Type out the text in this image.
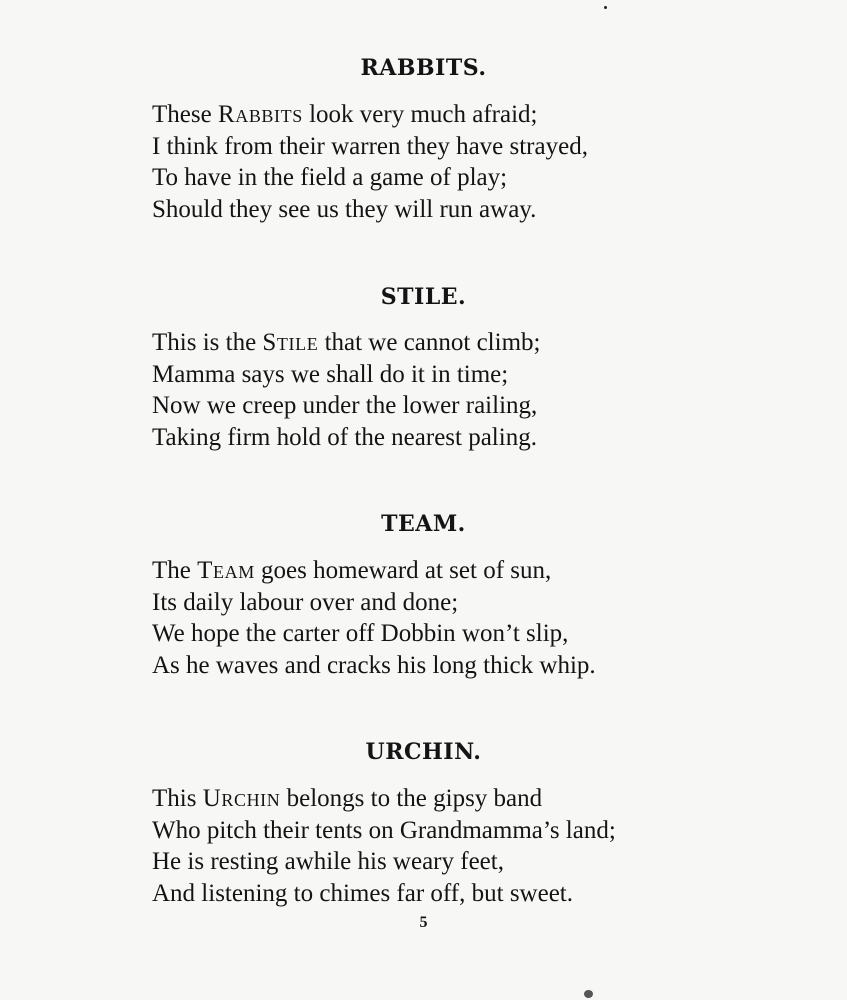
RABBITS.
These Rabbits look very much afraid;
I think from their warren they have strayed,
To have in the field a game of play;
Should they see us they will run away.
STILE.
This is the Stile that we cannot climb;
Mamma says we shall do it in time;
Now we creep under the lower railing,
Taking firm hold of the nearest paling.
TEAM.
The Team goes homeward at set of sun,
Its daily labour over and done;
We hope the carter off Dobbin won’t slip,
As he waves and cracks his long thick whip.
URCHIN.
This Urchin belongs to the gipsy band
Who pitch their tents on Grandmamma’s land;
He is resting awhile his weary feet,
And listening to chimes far off, but sweet.
5
